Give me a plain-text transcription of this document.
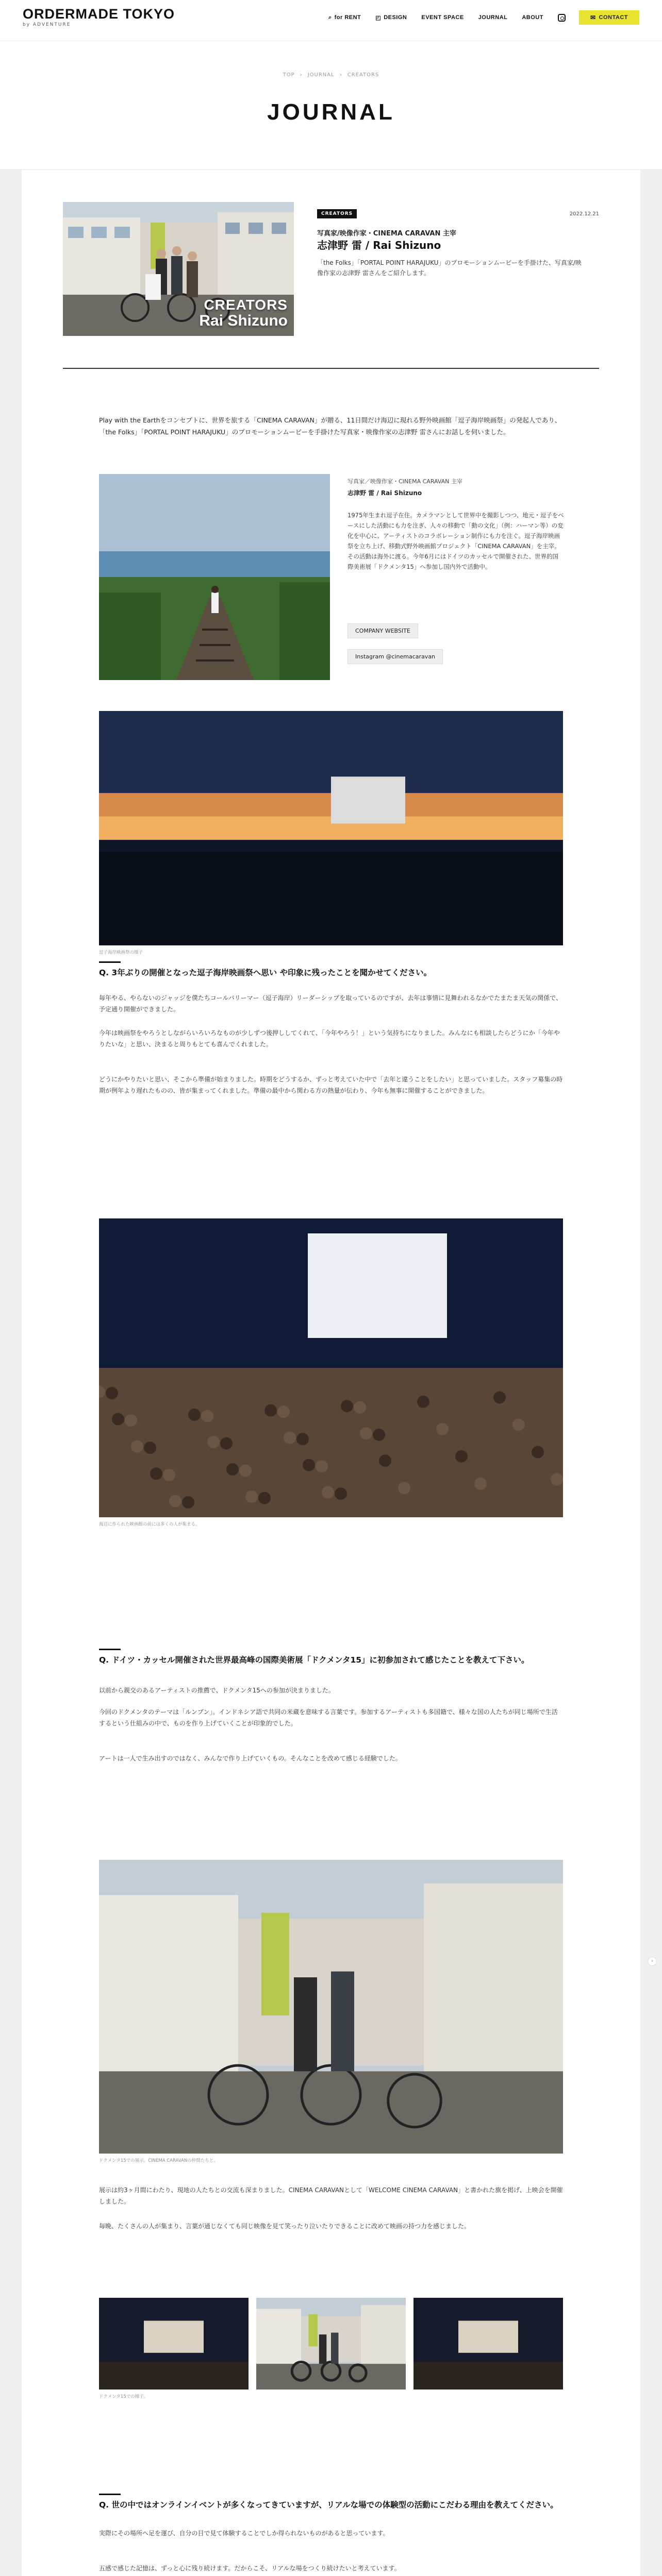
ORDERMADE TOKYO
by ADVENTURE
⌕ for RENT	◰ DESIGN	EVENT SPACE	JOURNAL	ABOUT	✉ CONTACT
TOP › JOURNAL › CREATORS
JOURNAL
CREATORS
Rai Shizuno
CREATORS	2022.12.21
写真家/映像作家・CINEMA CARAVAN 主宰
志津野 雷 / Rai Shizuno

「the Folks」「PORTAL POINT HARAJUKU」のプロモーションムービーを手掛けた、写真家/映像作家の志津野 雷さんをご紹介します。

Play with the Earthをコンセプトに、世界を旅する「CINEMA CARAVAN」が贈る、11日間だけ海辺に現れる野外映画館「逗子海岸映画祭」の発起人であり、「the Folks」「PORTAL POINT HARAJUKU」のプロモーションムービーを手掛けた写真家・映像作家の志津野 雷さんにお話しを伺いました。

写真家／映像作家・CINEMA CARAVAN 主宰
志津野 雷 / Rai Shizuno

1975年生まれ逗子在住。カメラマンとして世界中を撮影しつつ、地元・逗子をベースにした活動にも力を注ぎ、人々の移動で「動の文化」（例：ハーマン等）の変化を中心に、アーティストのコラボレーション制作にも力を注ぐ。逗子海岸映画祭を立ち上げ、移動式野外映画館プロジェクト「CINEMA CARAVAN」を主宰。その活動は海外に渡る。今年6月にはドイツのカッセルで開催された、世界的国際美術展「ドクメンタ15」へ参加し国内外で活動中。

COMPANY WEBSITE
Instagram @cinemacaravan
逗子海岸映画祭の様子
Q. 3年ぶりの開催となった逗子海岸映画祭へ思い や印象に残ったことを聞かせてください。

毎年やる、やらないのジャッジを僕たちコールバリーマー（逗子海岸）リーダーシップを取っているのですが、去年は事情に見舞われるなかでたまたま天気の関係で、予定通り開催ができました。

今年は映画祭をやろうとしながらいろいろなものが少しずつ後押ししてくれて、「今年やろう！」という気持ちになりました。みんなにも相談したらどうにか「今年やりたいな」と思い、決まると周りもとても喜んでくれました。

どうにかやりたいと思い、そこから準備が始まりました。時期をどうするか、ずっと考えていた中で「去年と違うことをしたい」と思っていました。スタッフ募集の時期が例年より遅れたものの、皆が集まってくれました。準備の最中から関わる方の熱量が伝わり、今年も無事に開催することができました。

海辺に作られた映画館の前には多くの人が集まる。
Q. ドイツ・カッセル開催された世界最高峰の国際美術展「ドクメンタ15」に初参加されて感じたことを教えて下さい。

以前から親交のあるアーティストの推薦で、ドクメンタ15への参加が決まりました。

今回のドクメンタのテーマは「ルンブン」。インドネシア語で共同の米蔵を意味する言葉です。参加するアーティストも多国籍で、様々な国の人たちが同じ場所で生活するという仕組みの中で、ものを作り上げていくことが印象的でした。

アートは一人で生み出すのではなく、みんなで作り上げていくもの。そんなことを改めて感じる経験でした。

ドクメンタ15での展示。CINEMA CARAVANの仲間たちと。

展示は約3ヶ月間にわたり、現地の人たちとの交流も深まりました。CINEMA CARAVANとして「WELCOME CINEMA CARAVAN」と書かれた旗を掲げ、上映会を開催しました。

毎晩、たくさんの人が集まり、言葉が通じなくても同じ映像を見て笑ったり泣いたりできることに改めて映画の持つ力を感じました。

ドクメンタ15での様子。
Q. 世の中ではオンラインイベントが多くなってきていますが、リアルな場での体験型の活動にこだわる理由を教えてください。

実際にその場所へ足を運び、自分の目で見て体験することでしか得られないものがあると思っています。

五感で感じた記憶は、ずっと心に残り続けます。だからこそ、リアルな場をつくり続けたいと考えています。

›
